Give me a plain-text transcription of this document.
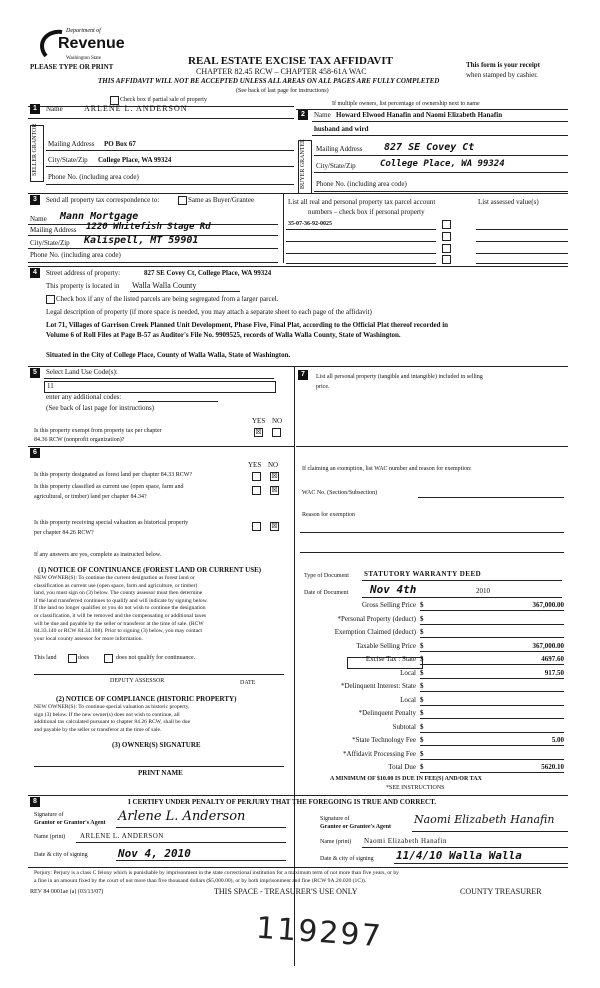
Department of
Revenue
Washington State
PLEASE TYPE OR PRINT	REAL ESTATE EXCISE TAX AFFIDAVIT
CHAPTER 82.45 RCW – CHAPTER 458-61A WAC
THIS AFFIDAVIT WILL NOT BE ACCEPTED UNLESS ALL AREAS ON ALL PAGES ARE FULLY COMPLETED
(See back of last page for instructions)
This form is your receipt
when stamped by cashier.
Check box if partial sale of property
If multiple owners, list percentage of ownership next to name
1	Name	ARLENE L. ANDERSON
SELLER GRANTOR Mailing Address PO Box 67
City/State/Zip College Place, WA 99324
Phone No. (including area code)
2	Name Howard Elwood Hanafin and Naomi Elizabeth Hanafin
husband and wird
BUYER GRANTEE Mailing Address 827 SE Covey Ct
City/State/Zip	College Place, WA 99324
Phone No. (including area code)
3	Send all property tax correspondence to:	Same as Buyer/Grantee
Name Mann Mortgage
Mailing Address 1220 Whitefish Stage Rd
City/State/Zip Kalispell, MT 59901
Phone No. (including area code)
List all real and personal property tax parcel account
numbers – check box if personal property
List assessed value(s)
35-07-36-92-0025
4	Street address of property:	827 SE Covey Ct, College Place, WA 99324
This property is located in Walla Walla County
Check box if any of the listed parcels are being segregated from a larger parcel.
Legal description of property (if more space is needed, you may attach a separate sheet to each page of the affidavit)
Lot 71, Villages of Garrison Creek Planned Unit Development, Phase Five, Final Plat, according to the Official Plat thereof recorded in
Volume 6 of Roll Files at Page B-57 as Auditor's File No. 9909525, records of Walla Walla County, State of Washington.
Situated in the City of College Place, County of Walla Walla, State of Washington.
5	Select Land Use Code(s):
11
enter any additional codes:
(See back of last page for instructions)
YES NO
Is this property exempt from property tax per chapter
84.36 RCW (nonprofit organization)?
☒
6
YES NO
Is this property designated as forest land per chapter 84.33 RCW?	☒
Is this property classified as current use (open space, farm and
agricultural, or timber) land per chapter 84.34?
☒
Is this property receiving special valuation as historical property
per chapter 84.26 RCW?
☒
If any answers are yes, complete as instructed below.
(1) NOTICE OF CONTINUANCE (FOREST LAND OR CURRENT USE)
NEW OWNER(S): To continue the current designation as forest land or
classification as current use (open space, farm and agriculture, or timber)
land, you must sign on (3) below. The county assessor must then determine
if the land transferred continues to qualify and will indicate by signing below.
If the land no longer qualifies or you do not wish to continue the designation
or classification, it will be removed and the compensating or additional taxes
will be due and payable by the seller or transferor at the time of sale. (RCW
84.33.140 or RCW 84.34.108). Prior to signing (3) below, you may contact
your local county assessor for more information.
This land	does	does not qualify for continuance.
DEPUTY ASSESSOR	DATE
(2) NOTICE OF COMPLIANCE (HISTORIC PROPERTY)
NEW OWNER(S): To continue special valuation as historic property,
sign (3) below. If the new owner(s) does not wish to continue, all
additional tax calculated pursuant to chapter 84.26 RCW, shall be due
and payable by the seller or transferor at the time of sale.
(3) OWNER(S) SIGNATURE
PRINT NAME
7	List all personal property (tangible and intangible) included in selling
price.
If claiming an exemption, list WAC number and reason for exemption:
WAC No. (Section/Subsection)
Reason for exemption
Type of Document STATUTORY WARRANTY DEED
Date of Document Nov 4th	2010
Gross Selling Price $	367,000.00
*Personal Property (deduct) $
Exemption Claimed (deduct) $
Taxable Selling Price $	367,000.00
Excise Tax : State $	4697.60
Local $	917.50
*Delinquent Interest: State $
Local $
*Delinquent Penalty $
Subtotal $
*State Technology Fee $	5.00
*Affidavit Processing Fee $
Total Due $	5620.10
A MINIMUM OF $10.00 IS DUE IN FEE(S) AND/OR TAX
*SEE INSTRUCTIONS
8	I CERTIFY UNDER PENALTY OF PERJURY THAT THE FOREGOING IS TRUE AND CORRECT.
Signature of
Grantor or Grantor's Agent Arlene L. Anderson
Name (print) ARLENE L. ANDERSON
Date & city of signing	Nov 4, 2010
Signature of
Grantee or Grantee's Agent
Naomi Elizabeth Hanafin
Name (print) Naomi Elizabeth Hanafin
Date & city of signing 11/4/10 Walla Walla
Perjury: Perjury is a class C felony which is punishable by imprisonment in the state correctional institution for a maximum term of not more than five years, or by
a fine in an amount fixed by the court of not more than five thousand dollars ($5,000.00), or by both imprisonment and fine (RCW 9A.20.020 (1C)).
REV 84 0001ae (a) (03/13/07)	THIS SPACE - TREASURER'S USE ONLY	COUNTY TREASURER
119297
